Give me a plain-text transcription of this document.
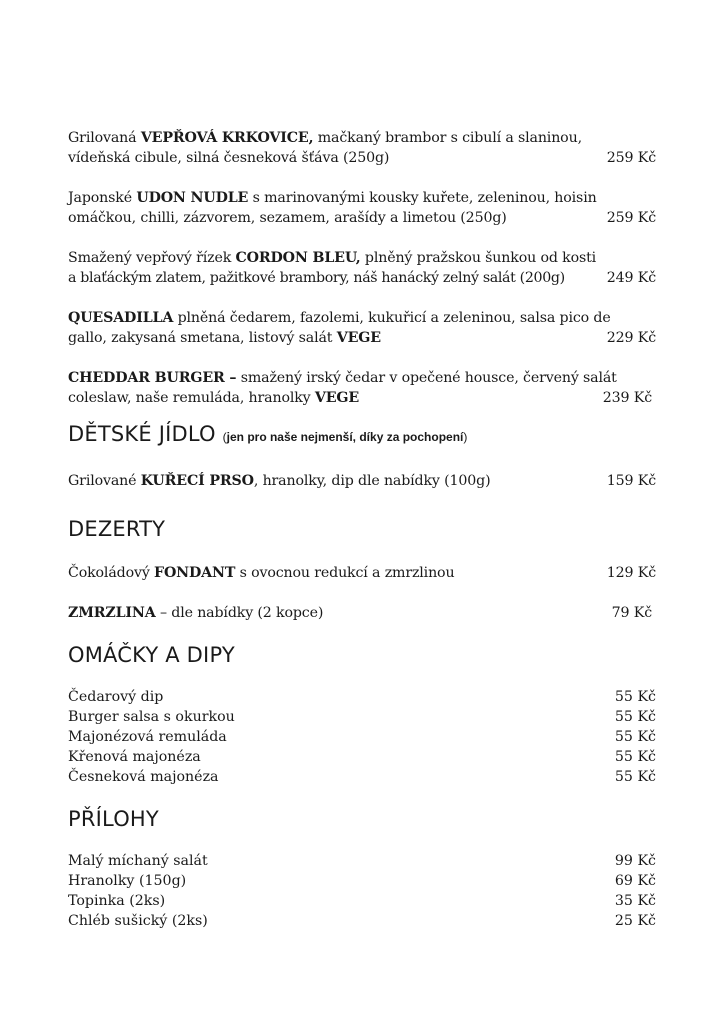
Grilovaná VEPŘOVÁ KRKOVICE, mačkaný brambor s cibulí a slaninou,
vídeňská cibule, silná česneková šťáva (250g)	259 Kč
Japonské UDON NUDLE s marinovanými kousky kuřete, zeleninou, hoisin
omáčkou, chilli, zázvorem, sezamem, arašídy a limetou (250g)	259 Kč
Smažený vepřový řízek CORDON BLEU, plněný pražskou šunkou od kosti
a blaťáckým zlatem, pažitkové brambory, náš hanácký zelný salát (200g)	249 Kč
QUESADILLA plněná čedarem, fazolemi, kukuřicí a zeleninou, salsa pico de
gallo, zakysaná smetana, listový salát VEGE	229 Kč
CHEDDAR BURGER – smažený irský čedar v opečené housce, červený salát
coleslaw, naše remuláda, hranolky VEGE	239 Kč
DĚTSKÉ JÍDLO (jen pro naše nejmenší, díky za pochopení)
Grilované KUŘECÍ PRSO, hranolky, dip dle nabídky (100g)	159 Kč
DEZERTY
Čokoládový FONDANT s ovocnou redukcí a zmrzlinou	129 Kč
ZMRZLINA – dle nabídky (2 kopce)	79 Kč
OMÁČKY A DIPY
Čedarový dip	55 Kč
Burger salsa s okurkou	55 Kč
Majonézová remuláda	55 Kč
Křenová majonéza	55 Kč
Česneková majonéza	55 Kč
PŘÍLOHY
Malý míchaný salát	99 Kč
Hranolky (150g)	69 Kč
Topinka (2ks)	35 Kč
Chléb sušický (2ks)	25 Kč
